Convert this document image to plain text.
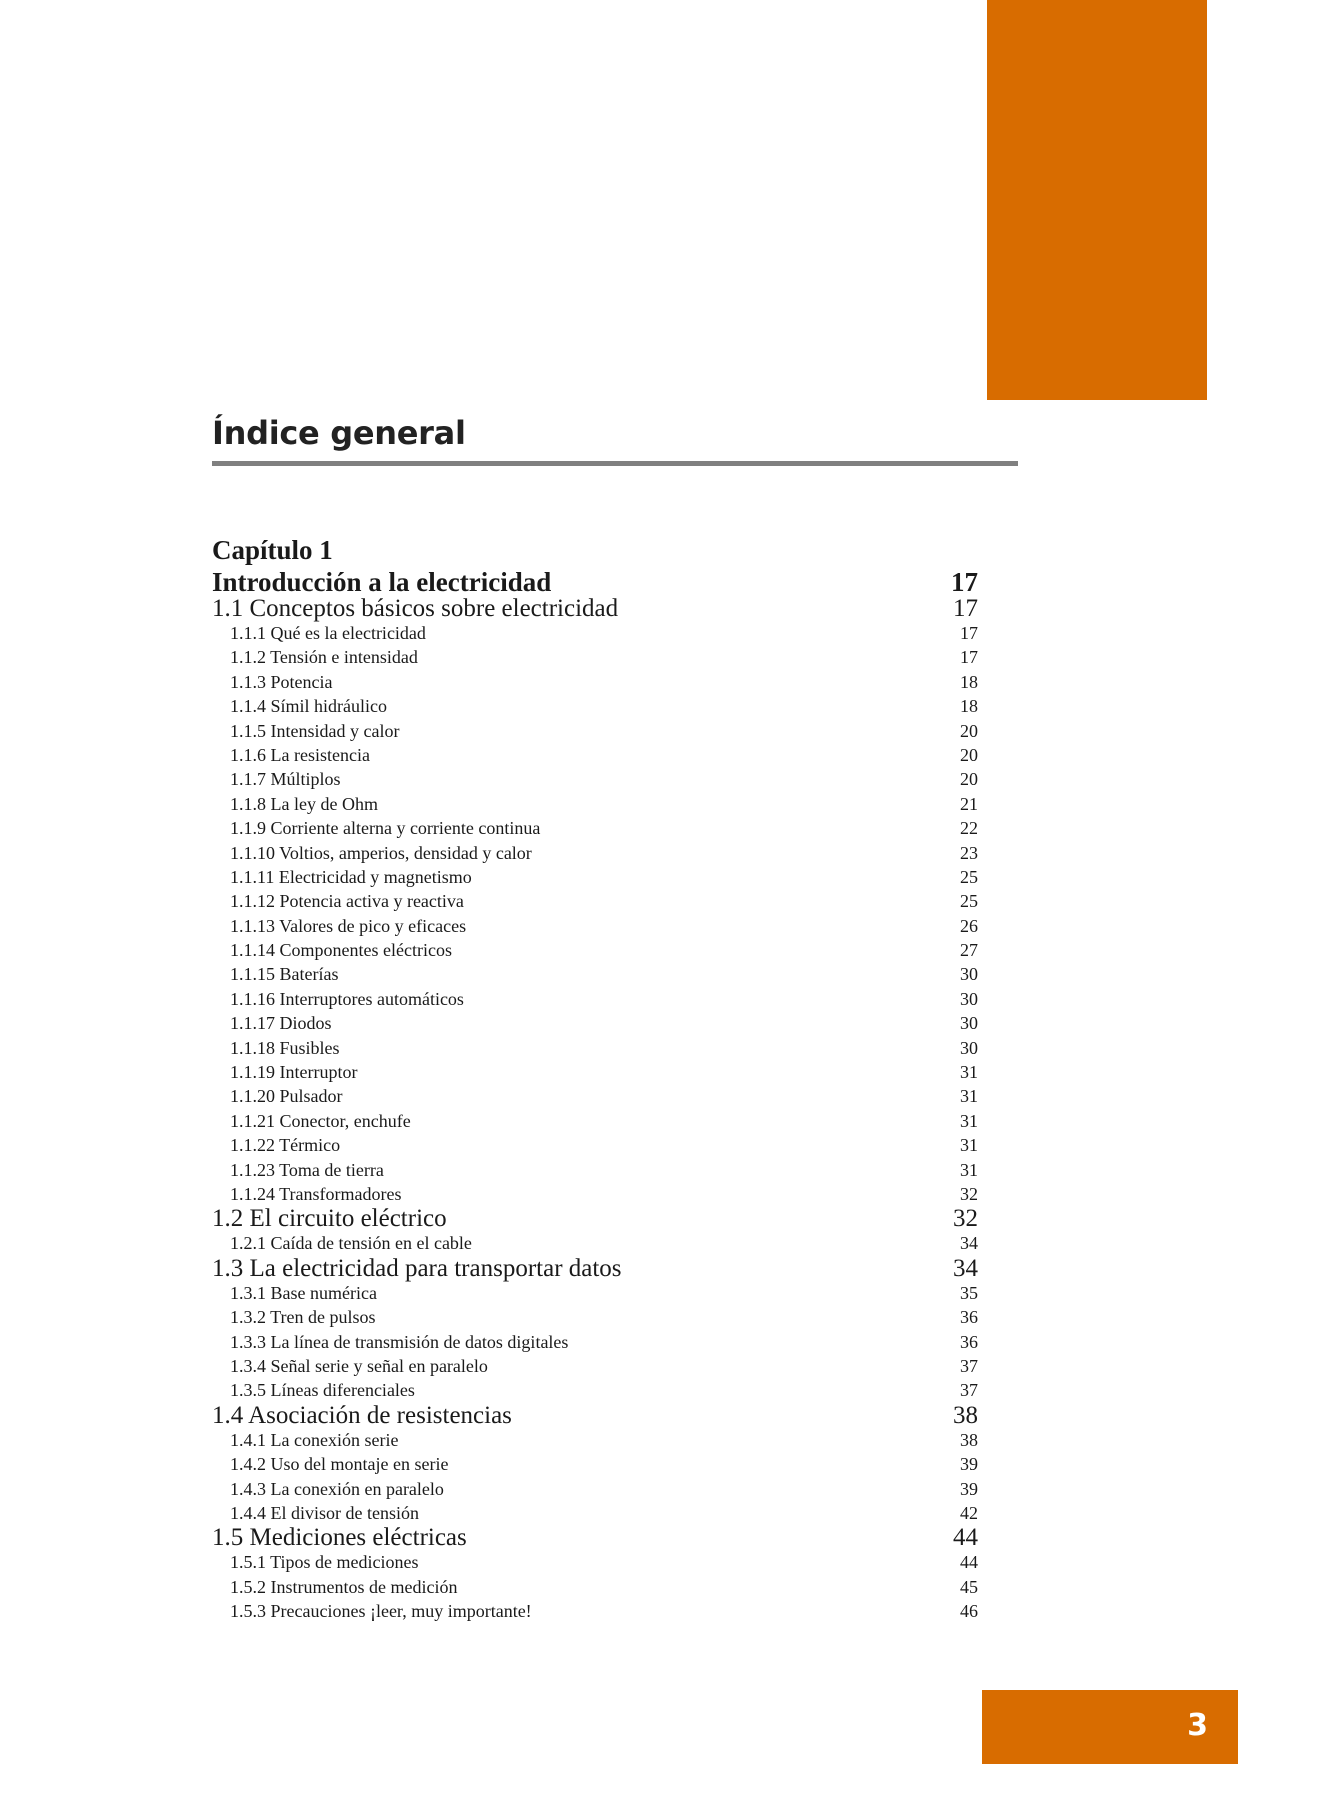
Índice general
Capítulo 1
Introducción a la electricidad	17
1.1 Conceptos básicos sobre electricidad	17
1.1.1 Qué es la electricidad	17
1.1.2 Tensión e intensidad	17
1.1.3 Potencia	18
1.1.4 Símil hidráulico	18
1.1.5 Intensidad y calor	20
1.1.6 La resistencia	20
1.1.7 Múltiplos	20
1.1.8 La ley de Ohm	21
1.1.9 Corriente alterna y corriente continua	22
1.1.10 Voltios, amperios, densidad y calor	23
1.1.11 Electricidad y magnetismo	25
1.1.12 Potencia activa y reactiva	25
1.1.13 Valores de pico y eficaces	26
1.1.14 Componentes eléctricos	27
1.1.15 Baterías	30
1.1.16 Interruptores automáticos	30
1.1.17 Diodos	30
1.1.18 Fusibles	30
1.1.19 Interruptor	31
1.1.20 Pulsador	31
1.1.21 Conector, enchufe	31
1.1.22 Térmico	31
1.1.23 Toma de tierra	31
1.1.24 Transformadores	32
1.2 El circuito eléctrico	32
1.2.1 Caída de tensión en el cable	34
1.3 La electricidad para transportar datos	34
1.3.1 Base numérica	35
1.3.2 Tren de pulsos	36
1.3.3 La línea de transmisión de datos digitales	36
1.3.4 Señal serie y señal en paralelo	37
1.3.5 Líneas diferenciales	37
1.4 Asociación de resistencias	38
1.4.1 La conexión serie	38
1.4.2 Uso del montaje en serie	39
1.4.3 La conexión en paralelo	39
1.4.4 El divisor de tensión	42
1.5 Mediciones eléctricas	44
1.5.1 Tipos de mediciones	44
1.5.2 Instrumentos de medición	45
1.5.3 Precauciones ¡leer, muy importante!	46
3
